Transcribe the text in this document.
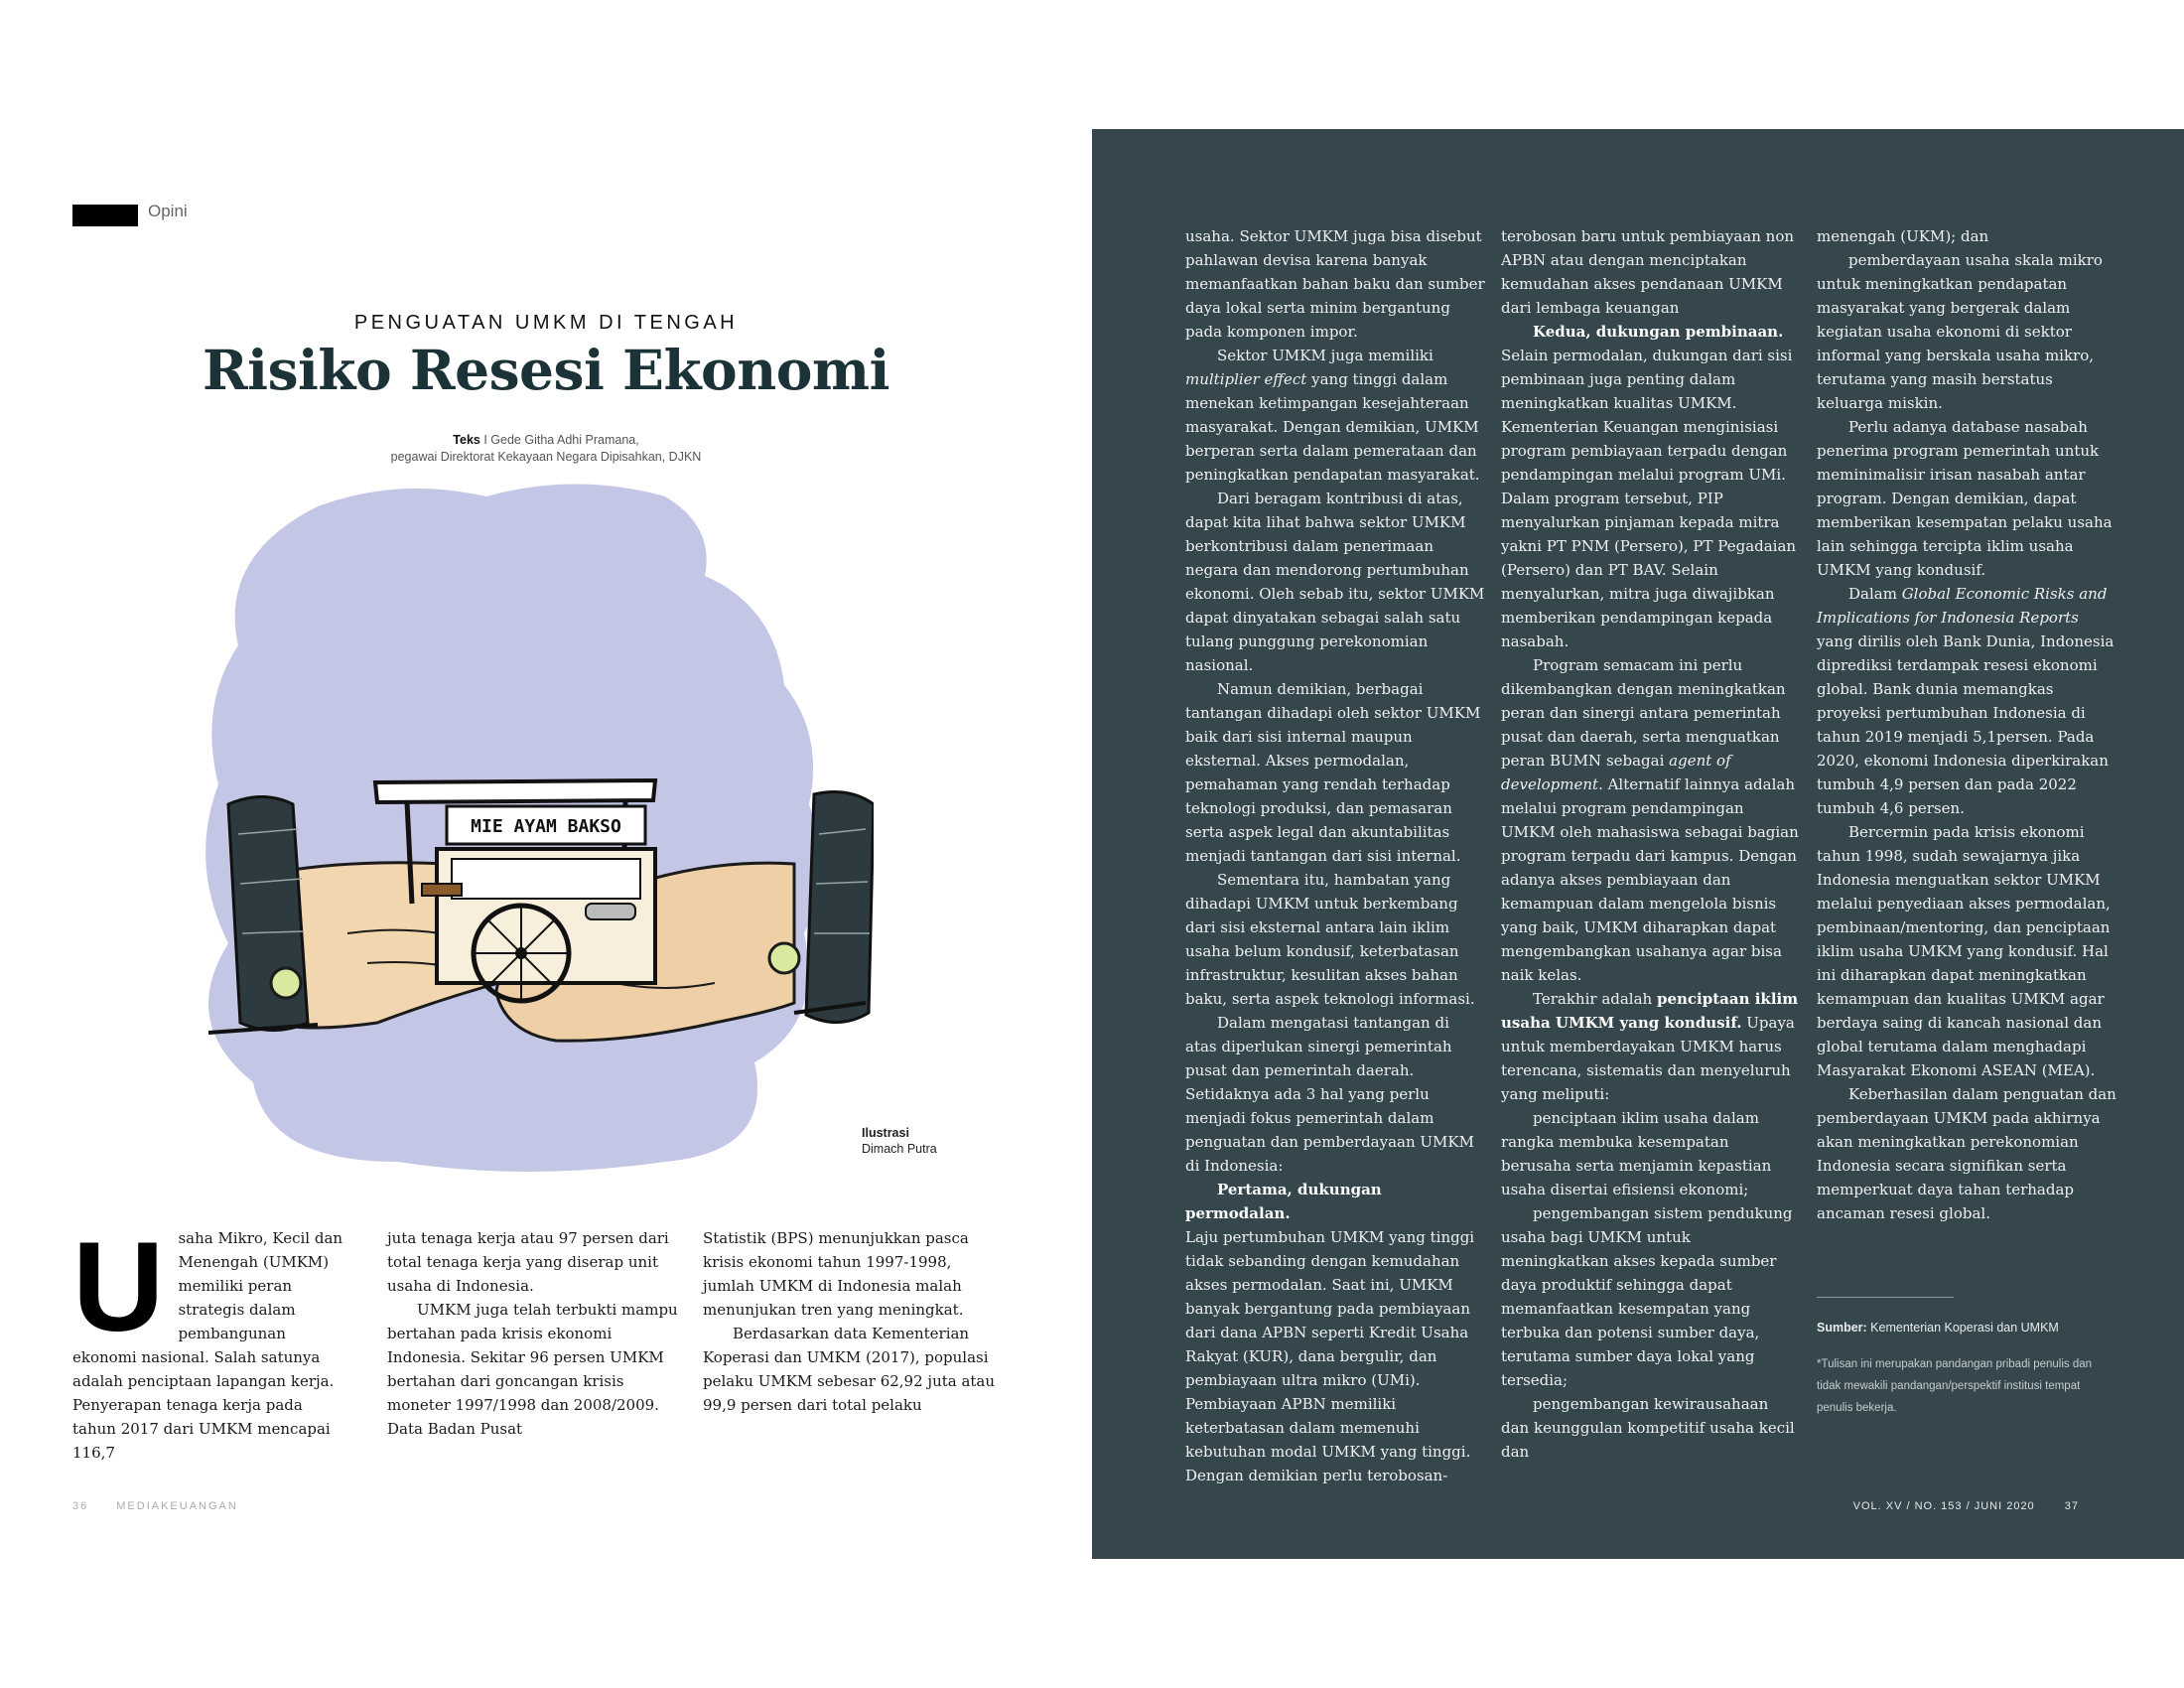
Opini
PENGUATAN UMKM DI TENGAH
Risiko Resesi Ekonomi
Teks I Gede Githa Adhi Pramana,
pegawai Direktorat Kekayaan Negara Dipisahkan, DJKN
MIE AYAM BAKSO
Ilustrasi
Dimach Putra
U saha Mikro, Kecil dan Menengah (UMKM) memiliki peran strategis dalam pembangunan ekonomi nasional. Salah satunya adalah penciptaan lapangan kerja. Penyerapan tenaga kerja pada tahun 2017 dari UMKM mencapai 116,7

juta tenaga kerja atau 97 persen dari total tenaga kerja yang diserap unit usaha di Indonesia.

UMKM juga telah terbukti mampu bertahan pada krisis ekonomi Indonesia. Sekitar 96 persen UMKM bertahan dari goncangan krisis moneter 1997/1998 dan 2008/2009. Data Badan Pusat

Statistik (BPS) menunjukkan pasca krisis ekonomi tahun 1997-1998, jumlah UMKM di Indonesia malah menunjukan tren yang meningkat.

Berdasarkan data Kementerian Koperasi dan UMKM (2017), populasi pelaku UMKM sebesar 62,92 juta atau 99,9 persen dari total pelaku

36	MEDIAKEUANGAN

usaha. Sektor UMKM juga bisa disebut pahlawan devisa karena banyak memanfaatkan bahan baku dan sumber daya lokal serta minim bergantung pada komponen impor.

Sektor UMKM juga memiliki multiplier effect yang tinggi dalam menekan ketimpangan kesejahteraan masyarakat. Dengan demikian, UMKM berperan serta dalam pemerataan dan peningkatkan pendapatan masyarakat.

Dari beragam kontribusi di atas, dapat kita lihat bahwa sektor UMKM berkontribusi dalam penerimaan negara dan mendorong pertumbuhan ekonomi. Oleh sebab itu, sektor UMKM dapat dinyatakan sebagai salah satu tulang punggung perekonomian nasional.

Namun demikian, berbagai tantangan dihadapi oleh sektor UMKM baik dari sisi internal maupun eksternal. Akses permodalan, pemahaman yang rendah terhadap teknologi produksi, dan pemasaran serta aspek legal dan akuntabilitas menjadi tantangan dari sisi internal.

Sementara itu, hambatan yang dihadapi UMKM untuk berkembang dari sisi eksternal antara lain iklim usaha belum kondusif, keterbatasan infrastruktur, kesulitan akses bahan baku, serta aspek teknologi informasi.

Dalam mengatasi tantangan di atas diperlukan sinergi pemerintah pusat dan pemerintah daerah. Setidaknya ada 3 hal yang perlu menjadi fokus pemerintah dalam penguatan dan pemberdayaan UMKM di Indonesia:

Pertama, dukungan permodalan.

Laju pertumbuhan UMKM yang tinggi tidak sebanding dengan kemudahan akses permodalan. Saat ini, UMKM banyak bergantung pada pembiayaan dari dana APBN seperti Kredit Usaha Rakyat (KUR), dana bergulir, dan pembiayaan ultra mikro (UMi). Pembiayaan APBN memiliki keterbatasan dalam memenuhi kebutuhan modal UMKM yang tinggi. Dengan demikian perlu terobosan-

terobosan baru untuk pembiayaan non APBN atau dengan menciptakan kemudahan akses pendanaan UMKM dari lembaga keuangan

Kedua, dukungan pembinaan.

Selain permodalan, dukungan dari sisi pembinaan juga penting dalam meningkatkan kualitas UMKM. Kementerian Keuangan menginisiasi program pembiayaan terpadu dengan pendampingan melalui program UMi. Dalam program tersebut, PIP menyalurkan pinjaman kepada mitra yakni PT PNM (Persero), PT Pegadaian (Persero) dan PT BAV. Selain menyalurkan, mitra juga diwajibkan memberikan pendampingan kepada nasabah.

Program semacam ini perlu dikembangkan dengan meningkatkan peran dan sinergi antara pemerintah pusat dan daerah, serta menguatkan peran BUMN sebagai agent of development. Alternatif lainnya adalah melalui program pendampingan UMKM oleh mahasiswa sebagai bagian program terpadu dari kampus. Dengan adanya akses pembiayaan dan kemampuan dalam mengelola bisnis yang baik, UMKM diharapkan dapat mengembangkan usahanya agar bisa naik kelas.

Terakhir adalah penciptaan iklim usaha UMKM yang kondusif. Upaya untuk memberdayakan UMKM harus terencana, sistematis dan menyeluruh yang meliputi:

penciptaan iklim usaha dalam rangka membuka kesempatan berusaha serta menjamin kepastian usaha disertai efisiensi ekonomi;

pengembangan sistem pendukung usaha bagi UMKM untuk meningkatkan akses kepada sumber daya produktif sehingga dapat memanfaatkan kesempatan yang terbuka dan potensi sumber daya, terutama sumber daya lokal yang tersedia;

pengembangan kewirausahaan dan keunggulan kompetitif usaha kecil dan

menengah (UKM); dan

pemberdayaan usaha skala mikro untuk meningkatkan pendapatan masyarakat yang bergerak dalam kegiatan usaha ekonomi di sektor informal yang berskala usaha mikro, terutama yang masih berstatus keluarga miskin.

Perlu adanya database nasabah penerima program pemerintah untuk meminimalisir irisan nasabah antar program. Dengan demikian, dapat memberikan kesempatan pelaku usaha lain sehingga tercipta iklim usaha UMKM yang kondusif.

Dalam Global Economic Risks and Implications for Indonesia Reports yang dirilis oleh Bank Dunia, Indonesia diprediksi terdampak resesi ekonomi global. Bank dunia memangkas proyeksi pertumbuhan Indonesia di tahun 2019 menjadi 5,1persen. Pada 2020, ekonomi Indonesia diperkirakan tumbuh 4,9 persen dan pada 2022 tumbuh 4,6 persen.

Bercermin pada krisis ekonomi tahun 1998, sudah sewajarnya jika Indonesia menguatkan sektor UMKM melalui penyediaan akses permodalan, pembinaan/mentoring, dan penciptaan iklim usaha UMKM yang kondusif. Hal ini diharapkan dapat meningkatkan kemampuan dan kualitas UMKM agar berdaya saing di kancah nasional dan global terutama dalam menghadapi Masyarakat Ekonomi ASEAN (MEA).

Keberhasilan dalam penguatan dan pemberdayaan UMKM pada akhirnya akan meningkatkan perekonomian Indonesia secara signifikan serta memperkuat daya tahan terhadap ancaman resesi global.

Sumber: Kementerian Koperasi dan UMKM
*Tulisan ini merupakan pandangan pribadi penulis dan tidak mewakili pandangan/perspektif institusi tempat penulis bekerja.
VOL. XV / NO. 153 / JUNI 2020	37
